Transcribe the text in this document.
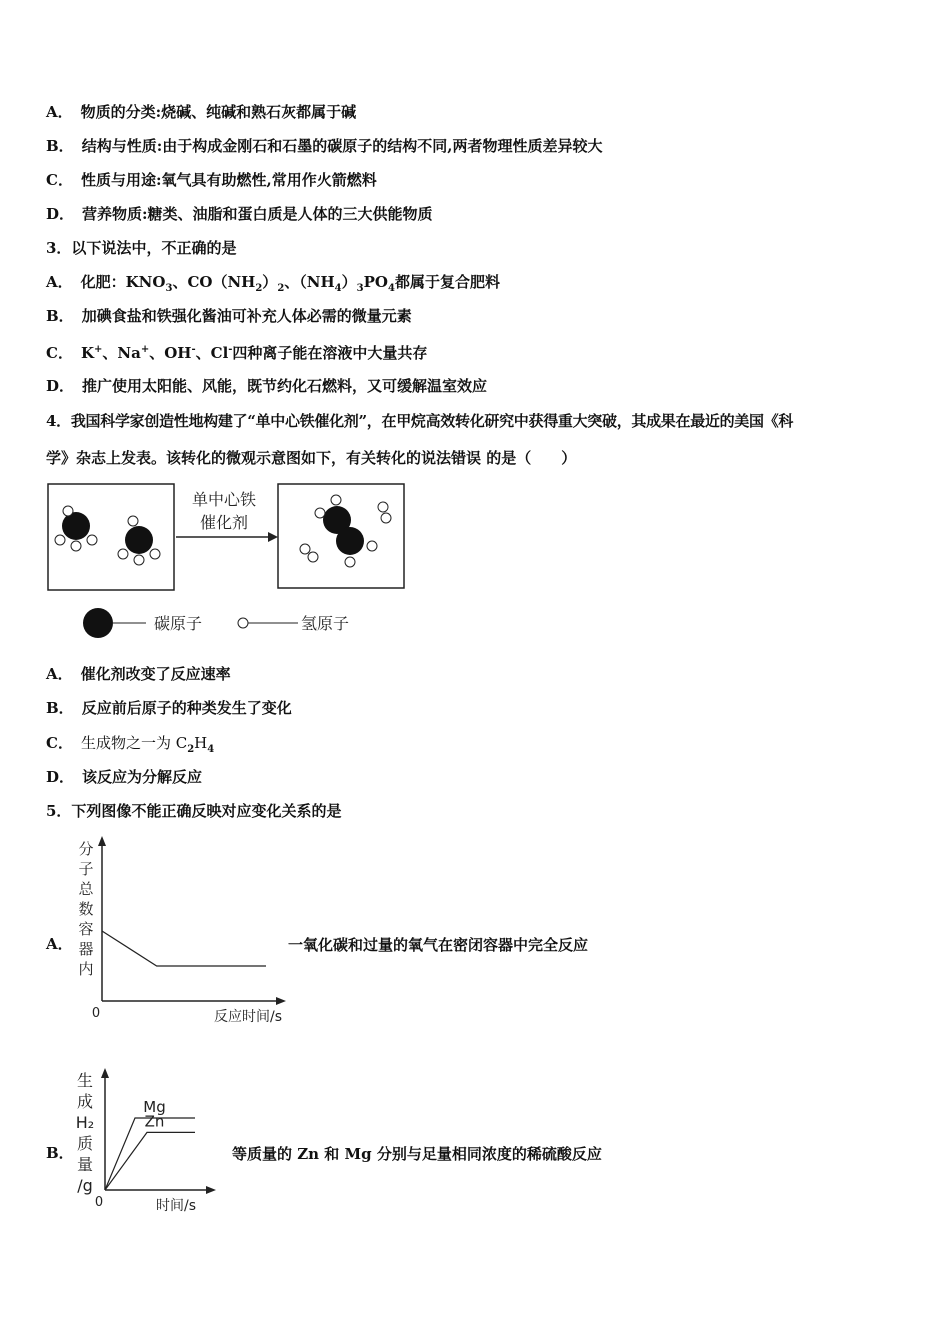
A． 物质的分类:烧碱、纯碱和熟石灰都属于碱
B． 结构与性质:由于构成金刚石和石墨的碳原子的结构不同,两者物理性质差异较大
C． 性质与用途:氧气具有助燃性,常用作火箭燃料
D． 营养物质:糖类、油脂和蛋白质是人体的三大供能物质
3．以下说法中，不正确的是
A． 化肥：$KNO_3$、$CO(NH_2)_2$、$(NH_4)_3PO_4$都属于复合肥料
B． 加碘食盐和铁强化酱油可补充人体必需的微量元素
C． K+、Na+、OH-、Cl-四种离子能在溶液中大量共存
D． 推广使用太阳能、风能，既节约化石燃料，又可缓解温室效应
4．我国科学家创造性地构建了“单中心铁催化剂”，在甲烷高效转化研究中获得重大突破，其成果在最近的美国《科
学》杂志上发表。该转化的微观示意图如下，有关转化的说法错误 的是（　　）
单中心铁
催化剂
碳原子	氢原子
A． 催化剂改变了反应速率
B． 反应前后原子的种类发生了变化
C． 生成物之一为 $C_2H_4$
D． 该反应为分解反应
5．下列图像不能正确反映对应变化关系的是
A．
分
子
总
数
容
器
内
0	反应时间/s
一氧化碳和过量的氧气在密闭容器中完全反应
B．
生
成
H₂
质
量
/g
0	时间/s
Mg
Zn
等质量的 Zn 和 Mg 分别与足量相同浓度的稀硫酸反应
